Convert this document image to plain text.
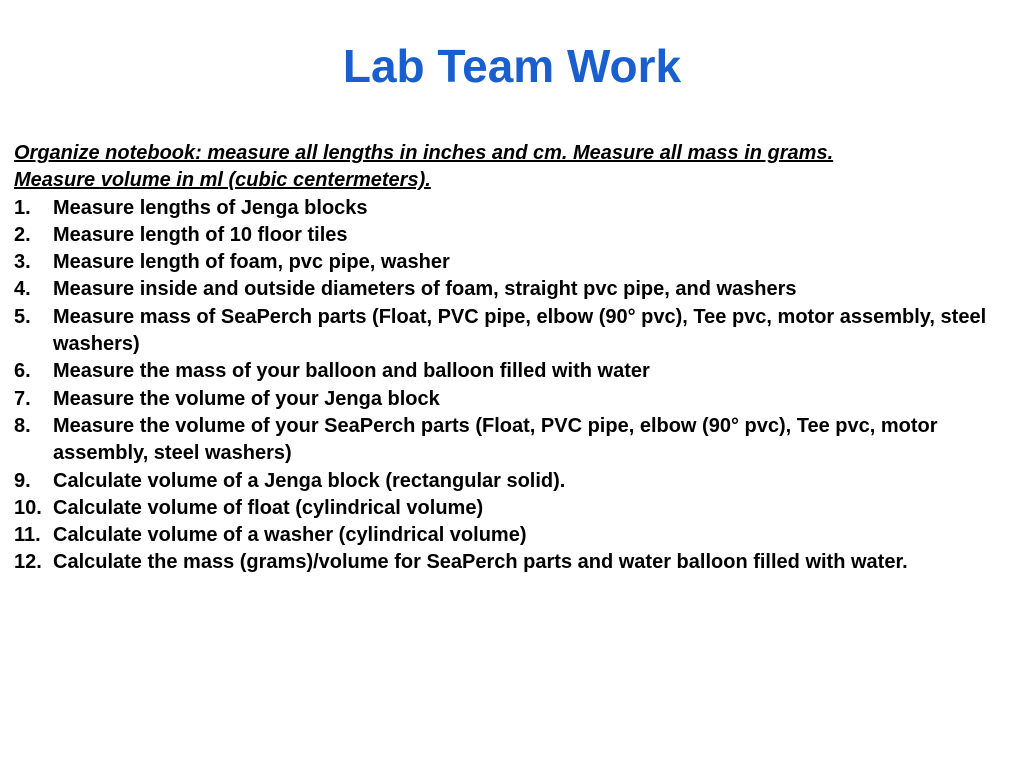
Lab Team Work

Organize notebook: measure all lengths in inches and cm. Measure all mass in grams.
Measure volume in ml (cubic centermeters).

1.	Measure lengths of Jenga blocks
2.	Measure length of 10 floor tiles
3.	Measure length of foam, pvc pipe, washer
4.	Measure inside and outside diameters of foam, straight pvc pipe, and washers
5.	Measure mass of SeaPerch parts (Float, PVC pipe, elbow (90° pvc), Tee pvc, motor assembly, steel washers)
6.	Measure the mass of your balloon and balloon filled with water
7.	Measure the volume of your Jenga block
8.	Measure the volume of your SeaPerch parts (Float, PVC pipe, elbow (90° pvc), Tee pvc, motor assembly, steel washers)
9.	Calculate volume of a Jenga block (rectangular solid).
10. Calculate volume of float (cylindrical volume)
11. Calculate volume of a washer (cylindrical volume)
12. Calculate the mass (grams)/volume for SeaPerch parts and water balloon filled with water.
